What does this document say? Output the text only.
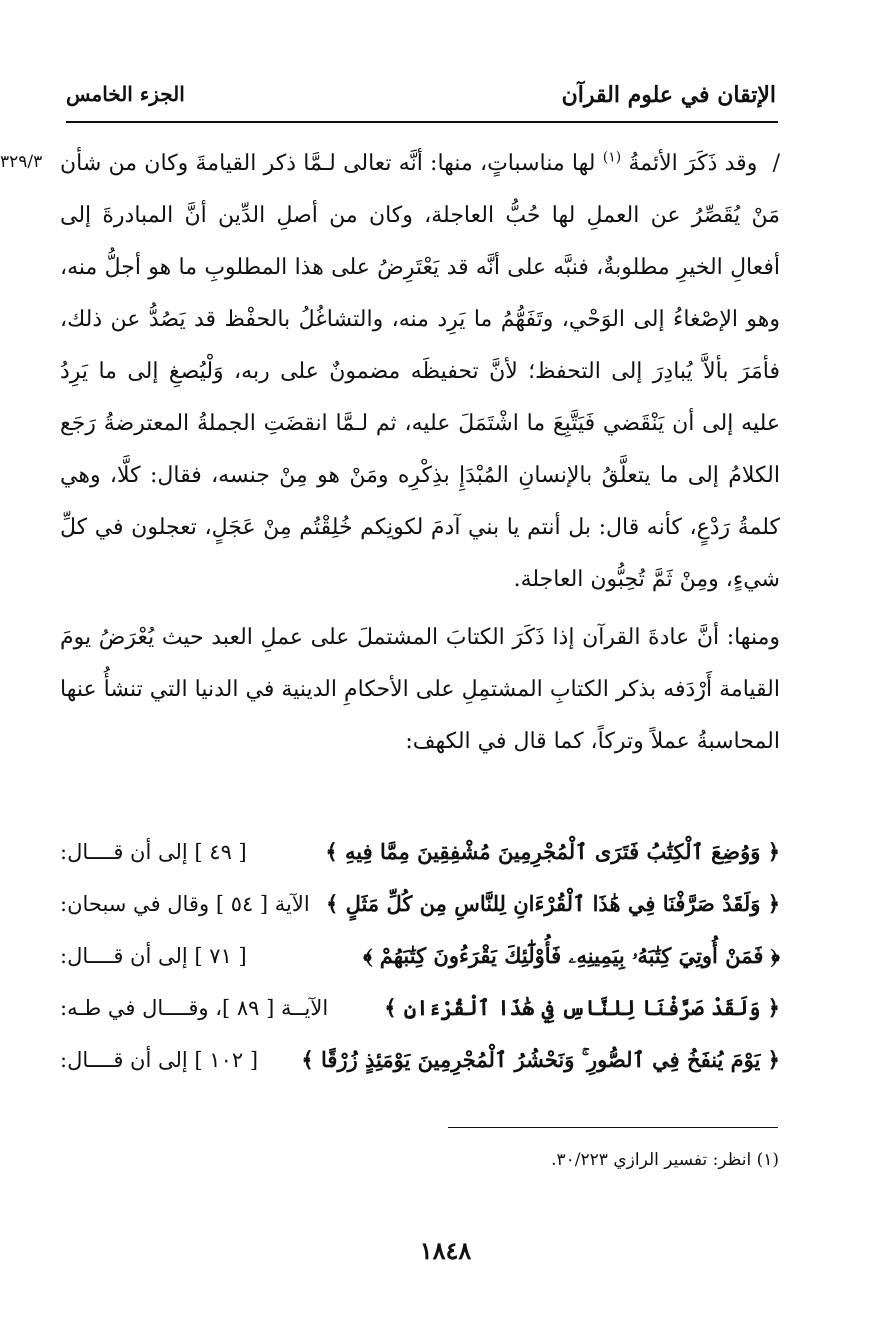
الإتقان في علوم القرآن
الجزء الخامس
٣٢٩/٣	/ وقد ذَكَرَ الأئمةُ $^{(١)}$ لها مناسباتٍ، منها: أنَّه تعالى لـمَّا ذكر القيامةَ وكان من شأن مَنْ يُقَصِّرُ عن العملِ لها حُبُّ العاجلة، وكان من أصلِ الدِّين أنَّ المبادرةَ إلى أفعالِ الخيرِ مطلوبةٌ، فنبَّه على أنَّه قد يَعْتَرِضُ على هذا المطلوبِ ما هو أجلُّ منه، وهو الإصْغاءُ إلى الوَحْي، وتَفَهُّمُ ما يَرِد منه، والتشاغُلُ بالحفْظ قد يَصُدُّ عن ذلك، فأمَرَ بألاَّ يُبادِرَ إلى التحفظ؛ لأنَّ تحفيظَه مضمونٌ على ربه، وَلْيُصغِ إلى ما يَرِدُ عليه إلى أن يَنْقَضي فَيَتَّبِعَ ما اشْتَمَلَ عليه، ثم لـمَّا انقضَتِ الجملةُ المعترضةُ رَجَع الكلامُ إلى ما يتعلَّقُ بالإنسانِ المُبْدَإِ بذِكْرِه ومَنْ هو مِنْ جنسه، فقال: كلَّا، وهي كلمةُ رَدْعٍ، كأنه قال: بل أنتم يا بني آدمَ لكونِكم خُلِقْتُم مِنْ عَجَلٍ، تعجلون في كلِّ شيءٍ، ومِنْ ثَمَّ تُحِبُّون العاجلة.

ومنها: أنَّ عادةَ القرآن إذا ذَكَرَ الكتابَ المشتملَ على عملِ العبد حيث يُعْرَضُ يومَ القيامة أَرْدَفه بذكر الكتابِ المشتمِلِ على الأحكامِ الدينية في الدنيا التي تنشأُ عنها المحاسبةُ عملاً وتركاً، كما قال في الكهف:

﴿ وَوُضِعَ ٱلْكِتَٰبُ فَتَرَى ٱلْمُجْرِمِينَ مُشْفِقِينَ مِمَّا فِيهِ ﴾
[ ٤٩ ] إلى أن قــــال:
﴿ وَلَقَدْ صَرَّفْنَا فِي هَٰذَا ٱلْقُرْءَانِ لِلنَّاسِ مِن كُلِّ مَثَلٍ ﴾
الآية [ ٥٤ ] وقال في سبحان:
﴿ فَمَنْ أُوتِيَ كِتَٰبَهُۥ بِيَمِينِهِۦ فَأُوْلَٰٓئِكَ يَقْرَءُونَ كِتَٰبَهُمْ ﴾
[ ٧١ ] إلى أن قــــال:
﴿ وَلَقَدْ صَرَّفْنَا لِلنَّاسِ فِي هَٰذَا ٱلْقُرْءَانِ ﴾
الآيــة [ ٨٩ ]، وقــــال في طـه:
﴿ يَوْمَ يُنفَخُ فِي ٱلصُّورِ ۚ وَنَحْشُرُ ٱلْمُجْرِمِينَ يَوْمَئِذٍ زُرْقًا ﴾
[ ١٠٢ ] إلى أن قــــال:
(١) انظر: تفسير الرازي ٣٠/٢٢٣.
١٨٤٨
